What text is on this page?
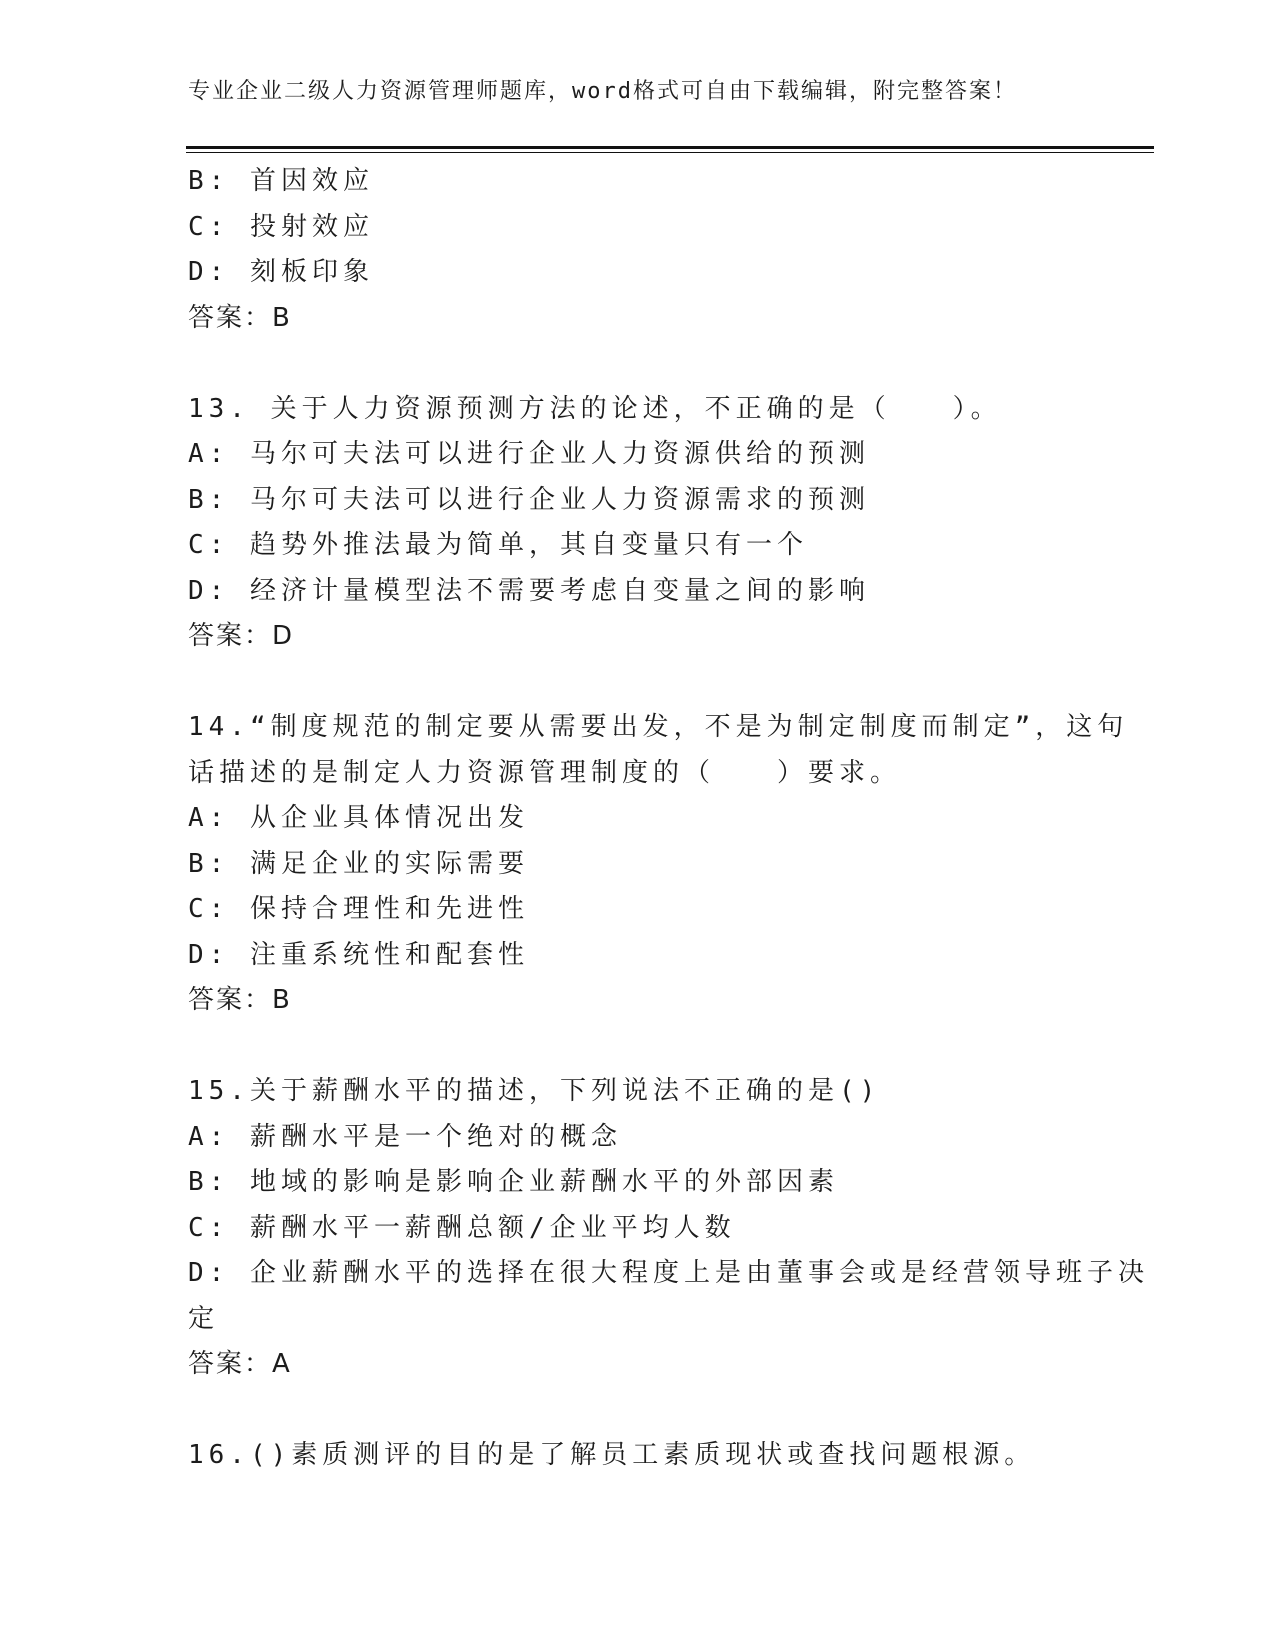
专业企业二级人力资源管理师题库，word格式可自由下载编辑，附完整答案！
B: 首因效应
C: 投射效应
D: 刻板印象
答案：B
13. 关于人力资源预测方法的论述，不正确的是（　　）。
A: 马尔可夫法可以进行企业人力资源供给的预测
B: 马尔可夫法可以进行企业人力资源需求的预测
C: 趋势外推法最为简单，其自变量只有一个
D: 经济计量模型法不需要考虑自变量之间的影响
答案：D
14.“制度规范的制定要从需要出发，不是为制定制度而制定”，这句
话描述的是制定人力资源管理制度的（　　）要求。
A: 从企业具体情况出发
B: 满足企业的实际需要
C: 保持合理性和先进性
D: 注重系统性和配套性
答案：B
15.关于薪酬水平的描述，下列说法不正确的是()
A: 薪酬水平是一个绝对的概念
B: 地域的影响是影响企业薪酬水平的外部因素
C: 薪酬水平一薪酬总额/企业平均人数
D: 企业薪酬水平的选择在很大程度上是由董事会或是经营领导班子决
定
答案：A
16.()素质测评的目的是了解员工素质现状或查找问题根源。
